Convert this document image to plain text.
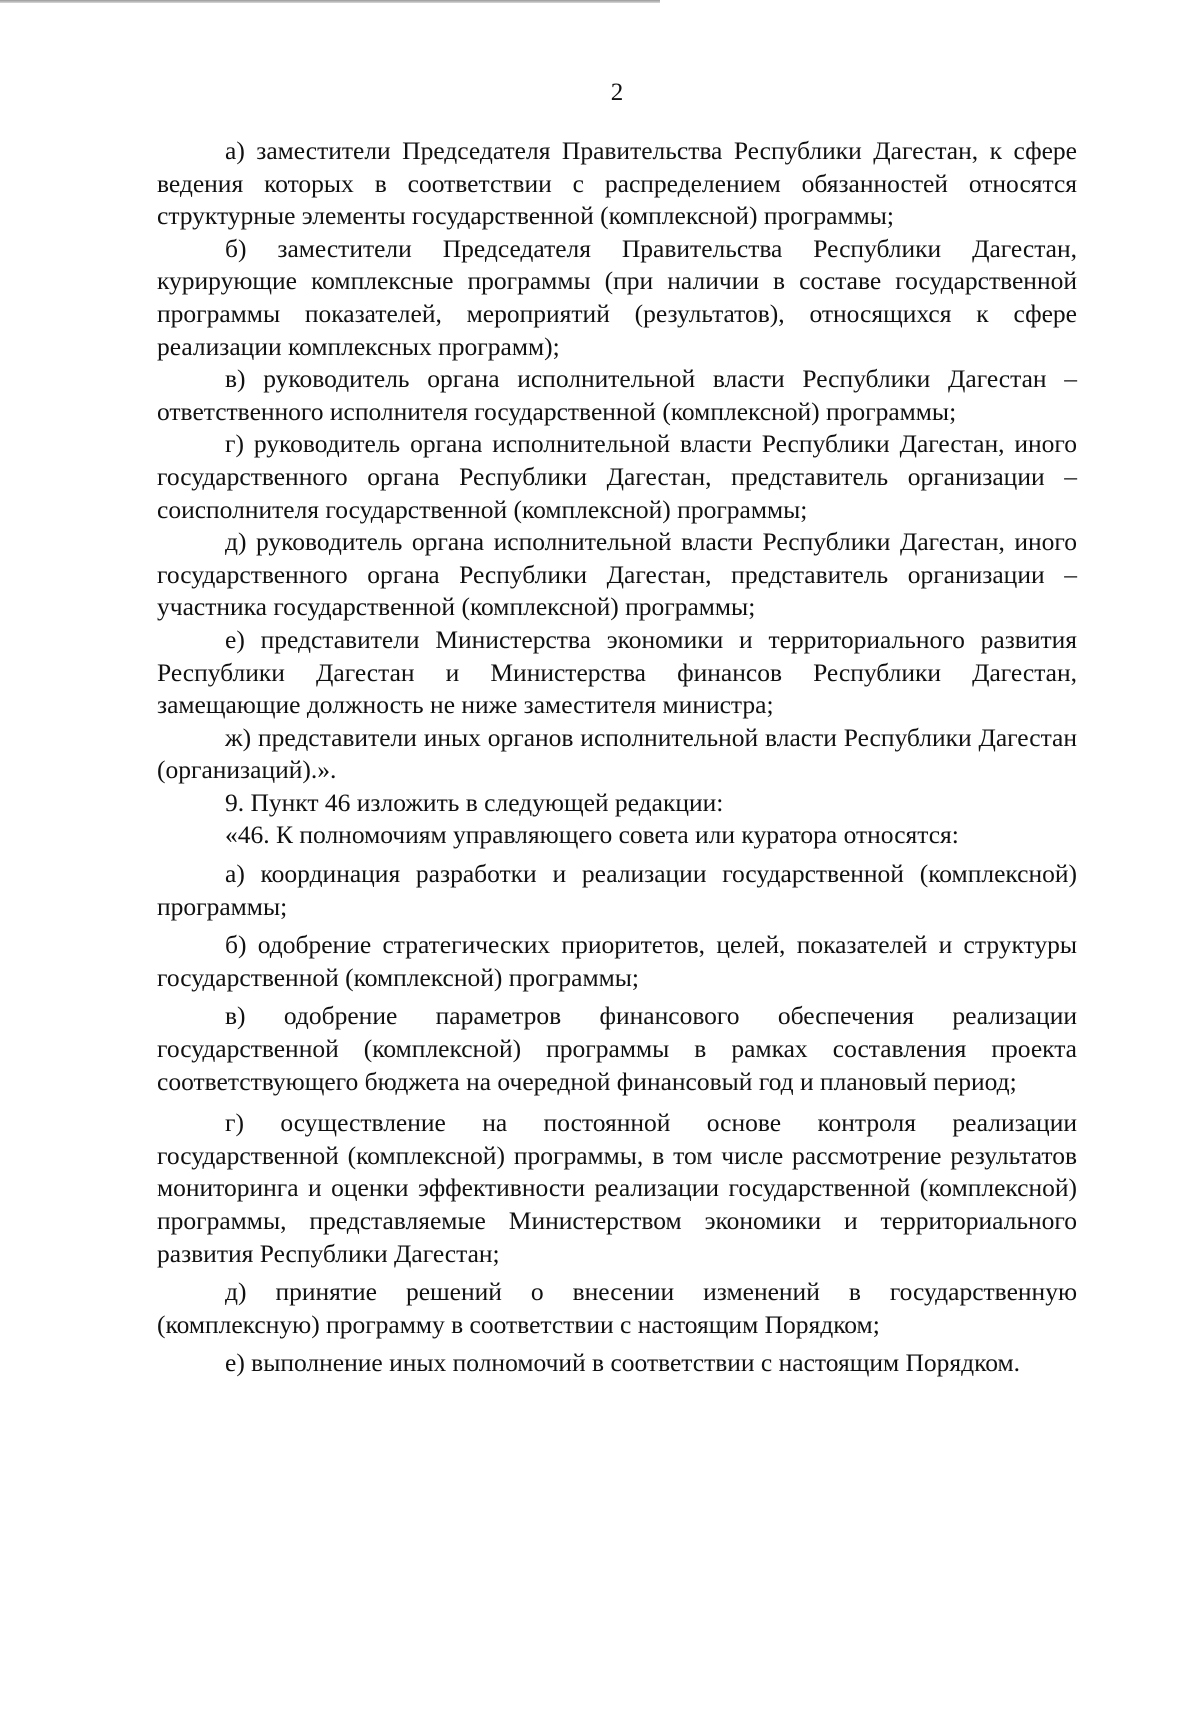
2

а) заместители Председателя Правительства Республики Дагестан, к сфере ведения которых в соответствии с распределением обязанностей относятся структурные элементы государственной (комплексной) программы;

б) заместители Председателя Правительства Республики Дагестан, курирующие комплексные программы (при наличии в составе государственной программы показателей, мероприятий (результатов), относящихся к сфере реализации комплексных программ);

в) руководитель органа исполнительной власти Республики Дагестан – ответственного исполнителя государственной (комплексной) программы;

г) руководитель органа исполнительной власти Республики Дагестан, иного государственного органа Республики Дагестан, представитель организации – соисполнителя государственной (комплексной) программы;

д) руководитель органа исполнительной власти Республики Дагестан, иного государственного органа Республики Дагестан, представитель организации – участника государственной (комплексной) программы;

е) представители Министерства экономики и территориального развития Республики Дагестан и Министерства финансов Республики Дагестан, замещающие должность не ниже заместителя министра;

ж) представители иных органов исполнительной власти Республики Дагестан (организаций).».

9. Пункт 46 изложить в следующей редакции:

«46. К полномочиям управляющего совета или куратора относятся:

а) координация разработки и реализации государственной (комплексной) программы;

б) одобрение стратегических приоритетов, целей, показателей и структуры государственной (комплексной) программы;

в) одобрение параметров финансового обеспечения реализации государственной (комплексной) программы в рамках составления проекта соответствующего бюджета на очередной финансовый год и плановый период;

г) осуществление на постоянной основе контроля реализации государственной (комплексной) программы, в том числе рассмотрение результатов мониторинга и оценки эффективности реализации государственной (комплексной) программы, представляемые Министерством экономики и территориального развития Республики Дагестан;

д) принятие решений о внесении изменений в государственную (комплексную) программу в соответствии с настоящим Порядком;

е) выполнение иных полномочий в соответствии с настоящим Порядком.
